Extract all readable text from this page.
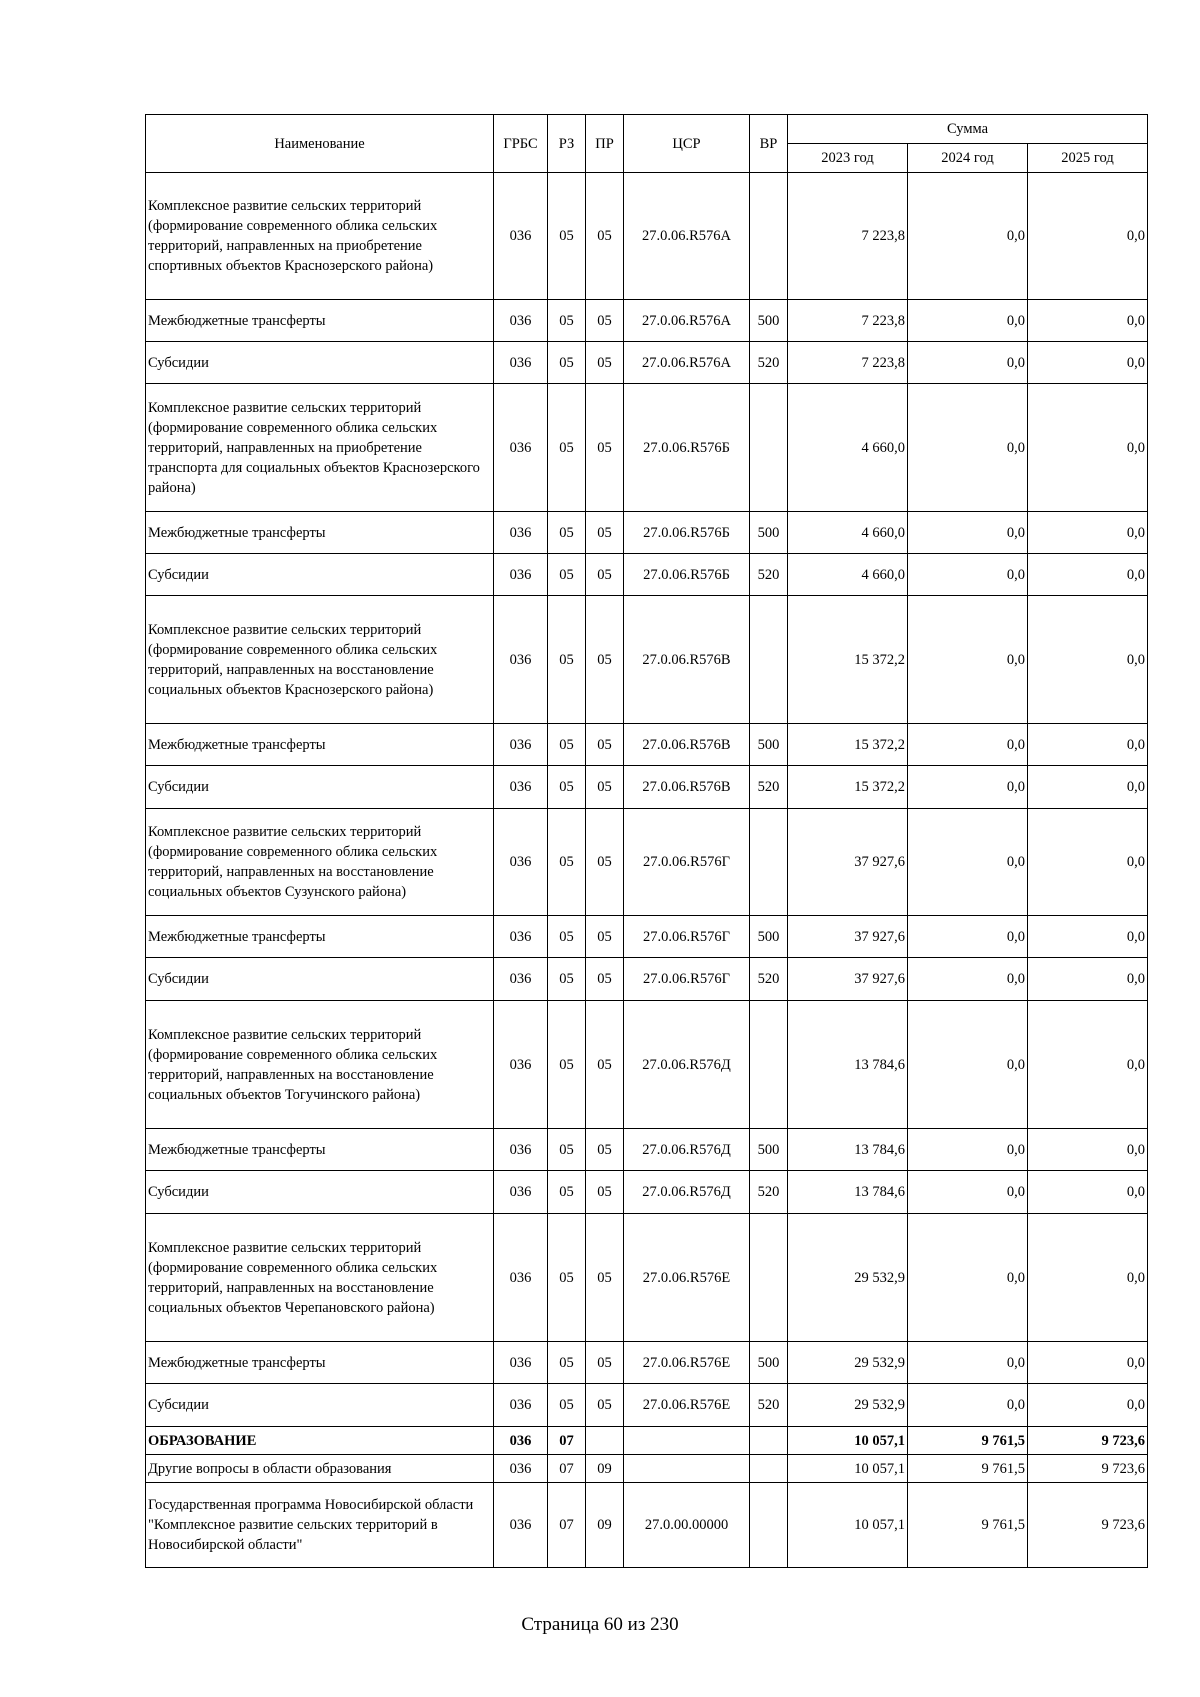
Наименование	ГРБС	РЗ	ПР	ЦСР	ВР	Сумма		
						2023 год	2024 год	2025 год
Комплексное развитие сельских территорий (формирование современного облика сельских территорий, направленных на приобретение спортивных объектов Краснозерского района)	036	05	05	27.0.06.R576А		7 223,8	0,0	0,0
Межбюджетные трансферты	036	05	05	27.0.06.R576А	500	7 223,8	0,0	0,0
Субсидии	036	05	05	27.0.06.R576А	520	7 223,8	0,0	0,0
Комплексное развитие сельских территорий (формирование современного облика сельских территорий, направленных на приобретение транспорта для социальных объектов Краснозерского района)	036	05	05	27.0.06.R576Б		4 660,0	0,0	0,0
Межбюджетные трансферты	036	05	05	27.0.06.R576Б	500	4 660,0	0,0	0,0
Субсидии	036	05	05	27.0.06.R576Б	520	4 660,0	0,0	0,0
Комплексное развитие сельских территорий (формирование современного облика сельских территорий, направленных на восстановление социальных объектов Краснозерского района)	036	05	05	27.0.06.R576В		15 372,2	0,0	0,0
Межбюджетные трансферты	036	05	05	27.0.06.R576В	500	15 372,2	0,0	0,0
Субсидии	036	05	05	27.0.06.R576В	520	15 372,2	0,0	0,0
Комплексное развитие сельских территорий (формирование современного облика сельских территорий, направленных на восстановление социальных объектов Сузунского района)	036	05	05	27.0.06.R576Г		37 927,6	0,0	0,0
Межбюджетные трансферты	036	05	05	27.0.06.R576Г	500	37 927,6	0,0	0,0
Субсидии	036	05	05	27.0.06.R576Г	520	37 927,6	0,0	0,0
Комплексное развитие сельских территорий (формирование современного облика сельских территорий, направленных на восстановление социальных объектов Тогучинского района)	036	05	05	27.0.06.R576Д		13 784,6	0,0	0,0
Межбюджетные трансферты	036	05	05	27.0.06.R576Д	500	13 784,6	0,0	0,0
Субсидии	036	05	05	27.0.06.R576Д	520	13 784,6	0,0	0,0
Комплексное развитие сельских территорий (формирование современного облика сельских территорий, направленных на восстановление социальных объектов Черепановского района)	036	05	05	27.0.06.R576Е		29 532,9	0,0	0,0
Межбюджетные трансферты	036	05	05	27.0.06.R576Е	500	29 532,9	0,0	0,0
Субсидии	036	05	05	27.0.06.R576Е	520	29 532,9	0,0	0,0
ОБРАЗОВАНИЕ	036	07				10 057,1	9 761,5	9 723,6
Другие вопросы в области образования	036	07	09			10 057,1	9 761,5	9 723,6
Государственная программа Новосибирской области "Комплексное развитие сельских территорий в Новосибирской области"	036	07	09	27.0.00.00000		10 057,1	9 761,5	9 723,6
Страница 60 из 230
